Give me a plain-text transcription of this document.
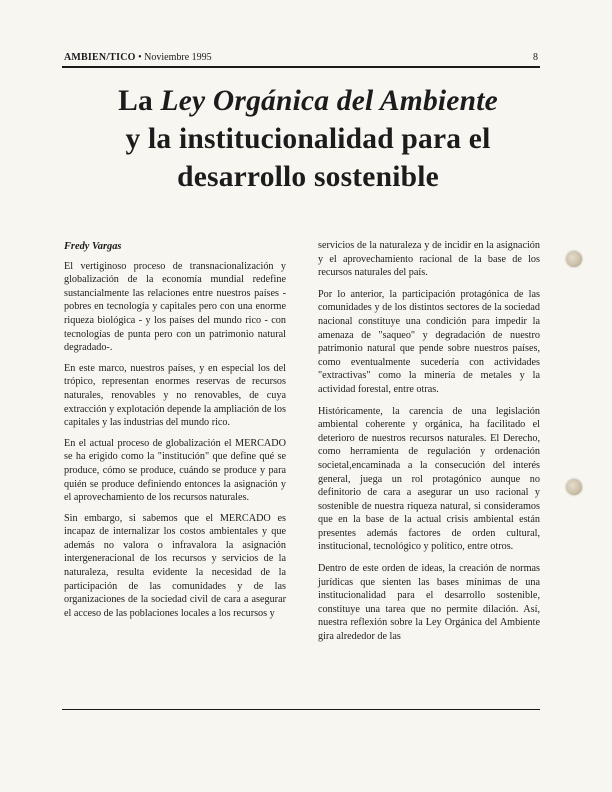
AMBIEN/TICO • Noviembre 1995	8
La Ley Orgánica del Ambiente
y la institucionalidad para el
desarrollo sostenible
Fredy Vargas

El vertiginoso proceso de transnacionalización y globalización de la economía mundial redefine sustancialmente las relaciones entre nuestros países - pobres en tecnología y capitales pero con una enorme riqueza biológica - y los países del mundo rico - con tecnologías de punta pero con un patrimonio natural degradado-.

En este marco, nuestros países, y en especial los del trópico, representan enormes reservas de recursos naturales, renovables y no renovables, de cuya extracción y explotación depende la ampliación de los capitales y las industrias del mundo rico.

En el actual proceso de globalización el MERCADO se ha erigido como la "institución" que define qué se produce, cómo se produce, cuándo se produce y para quién se produce definiendo entonces la asignación y el aprovechamiento de los recursos naturales.

Sin embargo, si sabemos que el MERCADO es incapaz de internalizar los costos ambientales y que además no valora o infravalora la asignación intergeneracional de los recursos y servicios de la naturaleza, resulta evidente la necesidad de la participación de las comunidades y de las organizaciones de la sociedad civil de cara a asegurar el acceso de las poblaciones locales a los recursos y

servicios de la naturaleza y de incidir en la asignación y el aprovechamiento racional de la base de los recursos naturales del país.

Por lo anterior, la participación protagónica de las comunidades y de los distintos sectores de la sociedad nacional constituye una condición para impedir la amenaza de "saqueo" y degradación de nuestro patrimonio natural que pende sobre nuestros países, como eventualmente sucedería con actividades "extractivas" como la minería de metales y la actividad forestal, entre otras.

Históricamente, la carencia de una legislación ambiental coherente y orgánica, ha facilitado el deterioro de nuestros recursos naturales. El Derecho, como herramienta de regulación y ordenación societal,encaminada a la consecución del interés general, juega un rol protagónico aunque no definitorio de cara a asegurar un uso racional y sostenible de nuestra riqueza natural, si consideramos que en la base de la actual crisis ambiental están presentes además factores de orden cultural, institucional, tecnológico y político, entre otros.

Dentro de este orden de ideas, la creación de normas jurídicas que sienten las bases mínimas de una institucionalidad para el desarrollo sostenible, constituye una tarea que no permite dilación. Así, nuestra reflexión sobre la Ley Orgánica del Ambiente gira alrededor de las
